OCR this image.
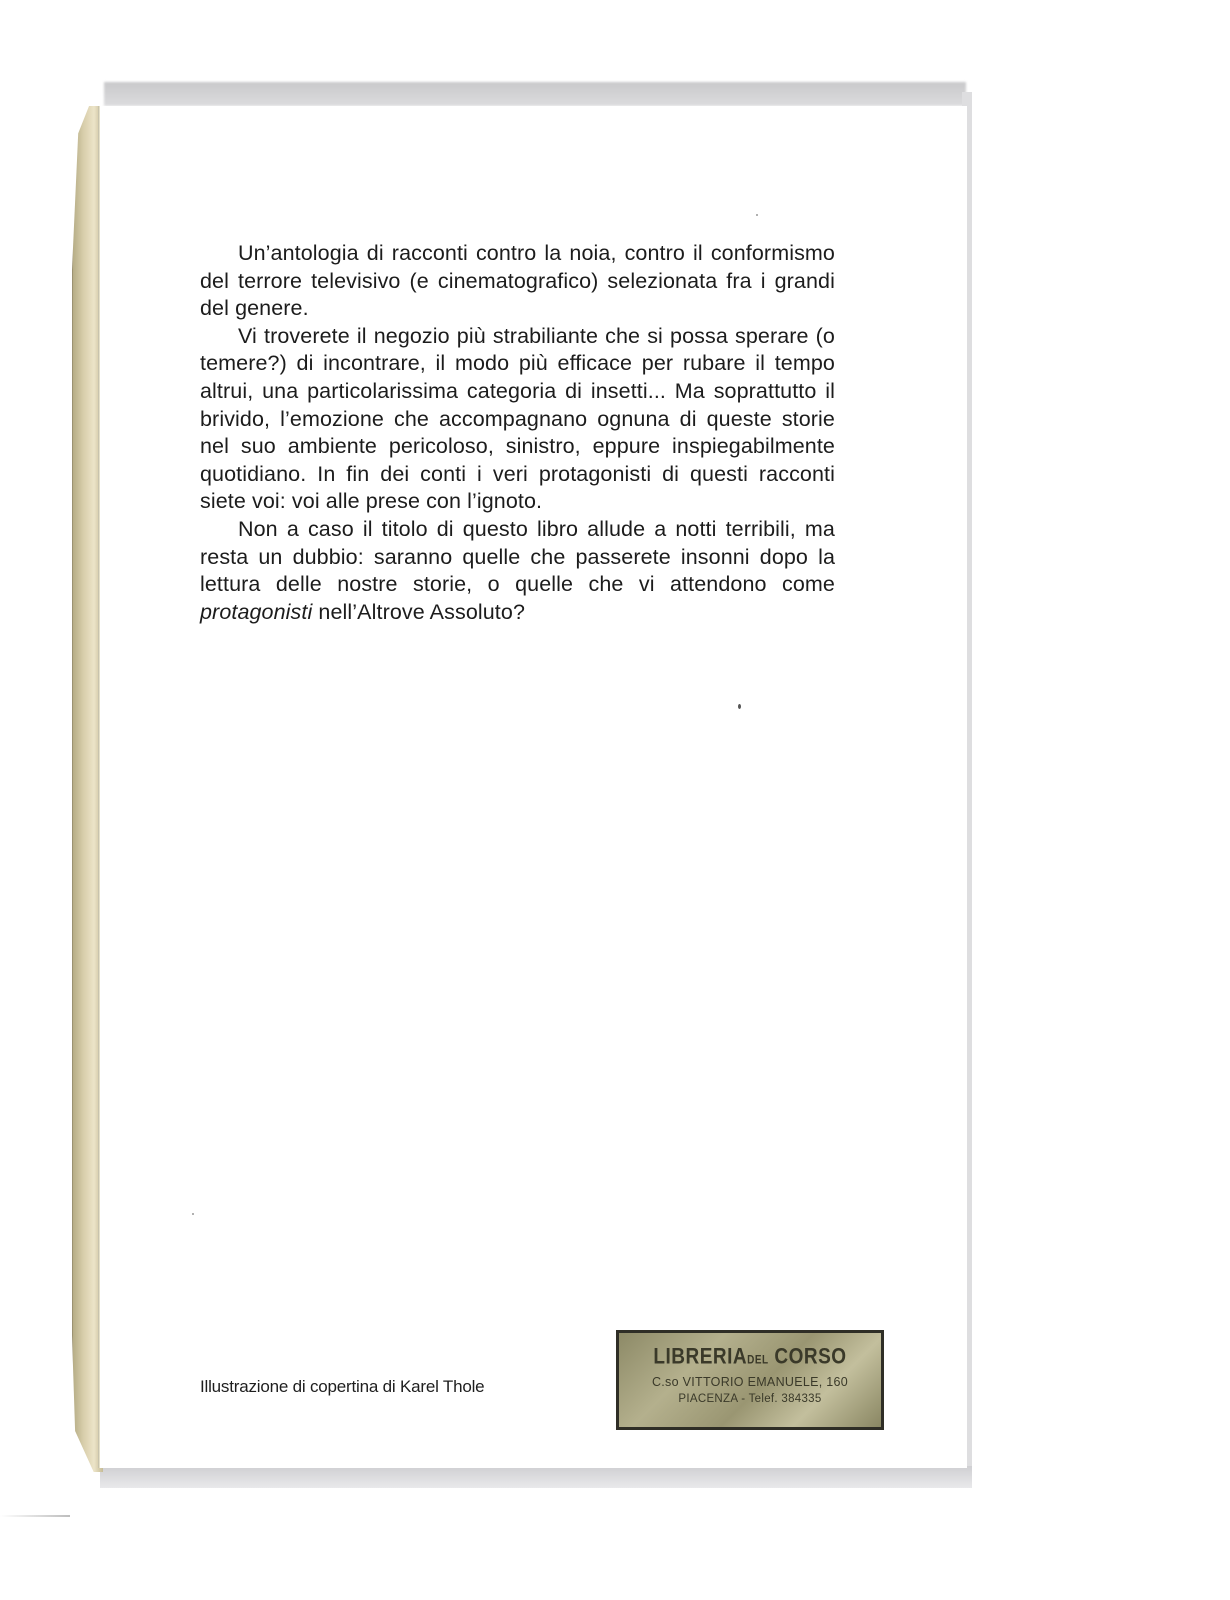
Un’antologia di racconti contro la noia, contro il conformismo del terrore televisivo (e cinematografico) selezionata fra i grandi del genere.

Vi troverete il negozio più strabiliante che si possa sperare (o temere?) di incontrare, il modo più efficace per rubare il tempo altrui, una particolarissima categoria di insetti... Ma soprattutto il brivido, l’emozione che accompagnano ognuna di queste storie nel suo ambiente pericoloso, sinistro, eppure inspiegabilmente quotidiano. In fin dei conti i veri protagonisti di questi racconti siete voi: voi alle prese con l’ignoto.

Non a caso il titolo di questo libro allude a notti terribili, ma resta un dubbio: saranno quelle che passerete insonni dopo la lettura delle nostre storie, o quelle che vi attendono come protagonisti nell’Altrove Assoluto?

Illustrazione di copertina di Karel Thole
LIBRERIADEL CORSO
C.so VITTORIO EMANUELE, 160
PIACENZA - Telef. 384335
